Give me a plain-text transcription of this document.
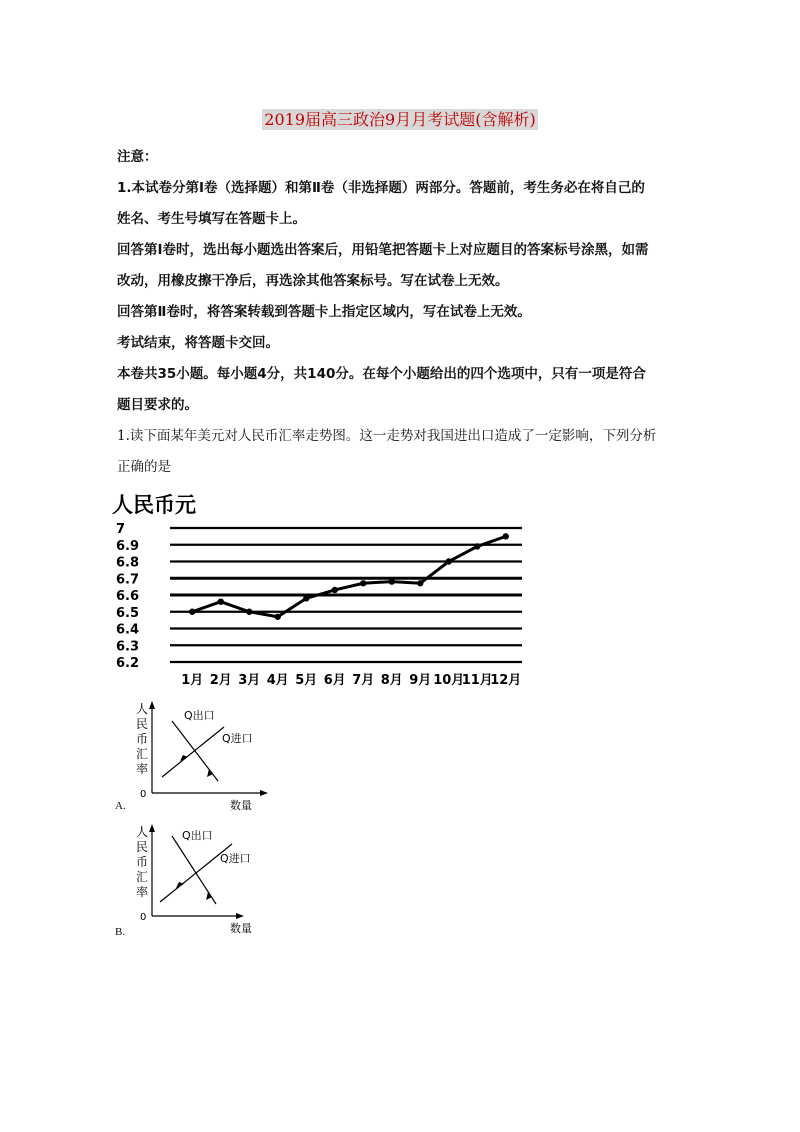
2019届高三政治9月月考试题(含解析)
注意：
1.本试卷分第Ⅰ卷（选择题）和第Ⅱ卷（非选择题）两部分。答题前，考生务必在将自己的
姓名、考生号填写在答题卡上。
回答第Ⅰ卷时，选出每小题选出答案后，用铅笔把答题卡上对应题目的答案标号涂黑，如需
改动，用橡皮擦干净后，再选涂其他答案标号。写在试卷上无效。
回答第Ⅱ卷时，将答案转载到答题卡上指定区域内，写在试卷上无效。
考试结束，将答题卡交回。
本卷共35小题。每小题4分，共140分。在每个小题给出的四个选项中，只有一项是符合
题目要求的。
1.读下面某年美元对人民币汇率走势图。这一走势对我国进出口造成了一定影响，下列分析
正确的是
人民币元
7
6.9
6.8
6.7
6.6
6.5
6.4
6.3
6.2
1月 2月 3月 4月 5月 6月 7月 8月 9月 10月
11月
12月
人
民
币
汇
率
0
数量
Q出口
Q进口
A.
人
民
币
汇
率
0
数量
Q出口
Q进口
B.
